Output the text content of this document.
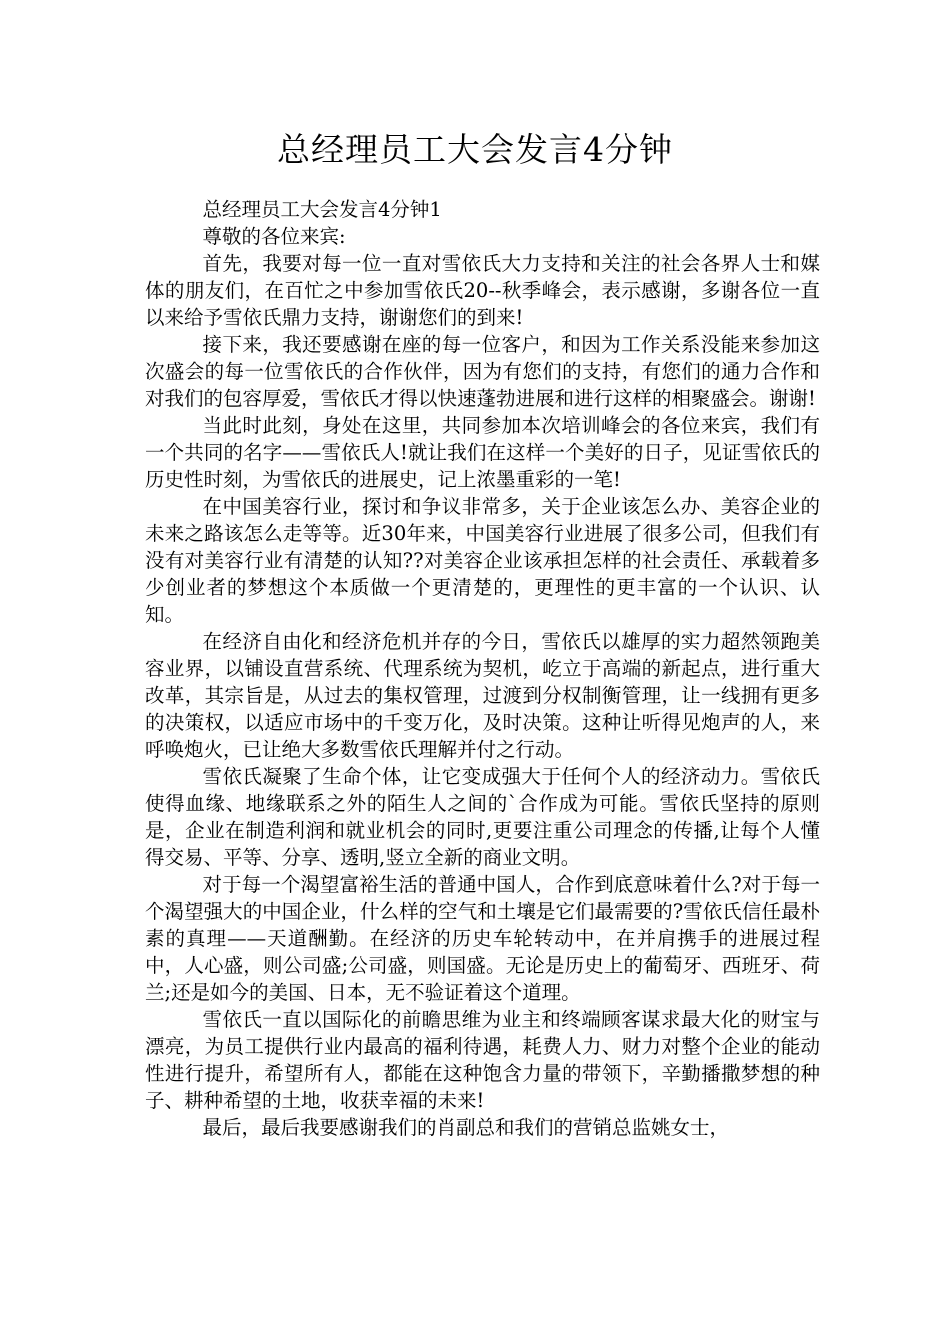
总经理员工大会发言4分钟

总经理员工大会发言4分钟1

尊敬的各位来宾:

首先，我要对每一位一直对雪依氏大力支持和关注的社会各界人士和媒体的朋友们，在百忙之中参加雪依氏20--秋季峰会，表示感谢，多谢各位一直以来给予雪依氏鼎力支持，谢谢您们的到来!

接下来，我还要感谢在座的每一位客户，和因为工作关系没能来参加这次盛会的每一位雪依氏的合作伙伴，因为有您们的支持，有您们的通力合作和对我们的包容厚爱，雪依氏才得以快速蓬勃进展和进行这样的相聚盛会。谢谢!

当此时此刻，身处在这里，共同参加本次培训峰会的各位来宾，我们有一个共同的名字——雪依氏人!就让我们在这样一个美好的日子，见证雪依氏的历史性时刻，为雪依氏的进展史，记上浓墨重彩的一笔!

在中国美容行业，探讨和争议非常多，关于企业该怎么办、美容企业的未来之路该怎么走等等。近30年来，中国美容行业进展了很多公司，但我们有没有对美容行业有清楚的认知??对美容企业该承担怎样的社会责任、承载着多少创业者的梦想这个本质做一个更清楚的，更理性的更丰富的一个认识、认知。

在经济自由化和经济危机并存的今日，雪依氏以雄厚的实力超然领跑美容业界，以铺设直营系统、代理系统为契机，屹立于高端的新起点，进行重大改革，其宗旨是，从过去的集权管理，过渡到分权制衡管理，让一线拥有更多的决策权，以适应市场中的千变万化，及时决策。这种让听得见炮声的人，来呼唤炮火，已让绝大多数雪依氏理解并付之行动。

雪依氏凝聚了生命个体，让它变成强大于任何个人的经济动力。雪依氏使得血缘、地缘联系之外的陌生人之间的`合作成为可能。雪依氏坚持的原则是，企业在制造利润和就业机会的同时,更要注重公司理念的传播,让每个人懂得交易、平等、分享、透明,竖立全新的商业文明。

对于每一个渴望富裕生活的普通中国人，合作到底意味着什么?对于每一个渴望强大的中国企业，什么样的空气和土壤是它们最需要的?雪依氏信任最朴素的真理——天道酬勤。在经济的历史车轮转动中，在并肩携手的进展过程中，人心盛，则公司盛;公司盛，则国盛。无论是历史上的葡萄牙、西班牙、荷兰;还是如今的美国、日本，无不验证着这个道理。

雪依氏一直以国际化的前瞻思维为业主和终端顾客谋求最大化的财宝与漂亮，为员工提供行业内最高的福利待遇，耗费人力、财力对整个企业的能动性进行提升，希望所有人，都能在这种饱含力量的带领下，辛勤播撒梦想的种子、耕种希望的土地，收获幸福的未来!

最后，最后我要感谢我们的肖副总和我们的营销总监姚女士，
